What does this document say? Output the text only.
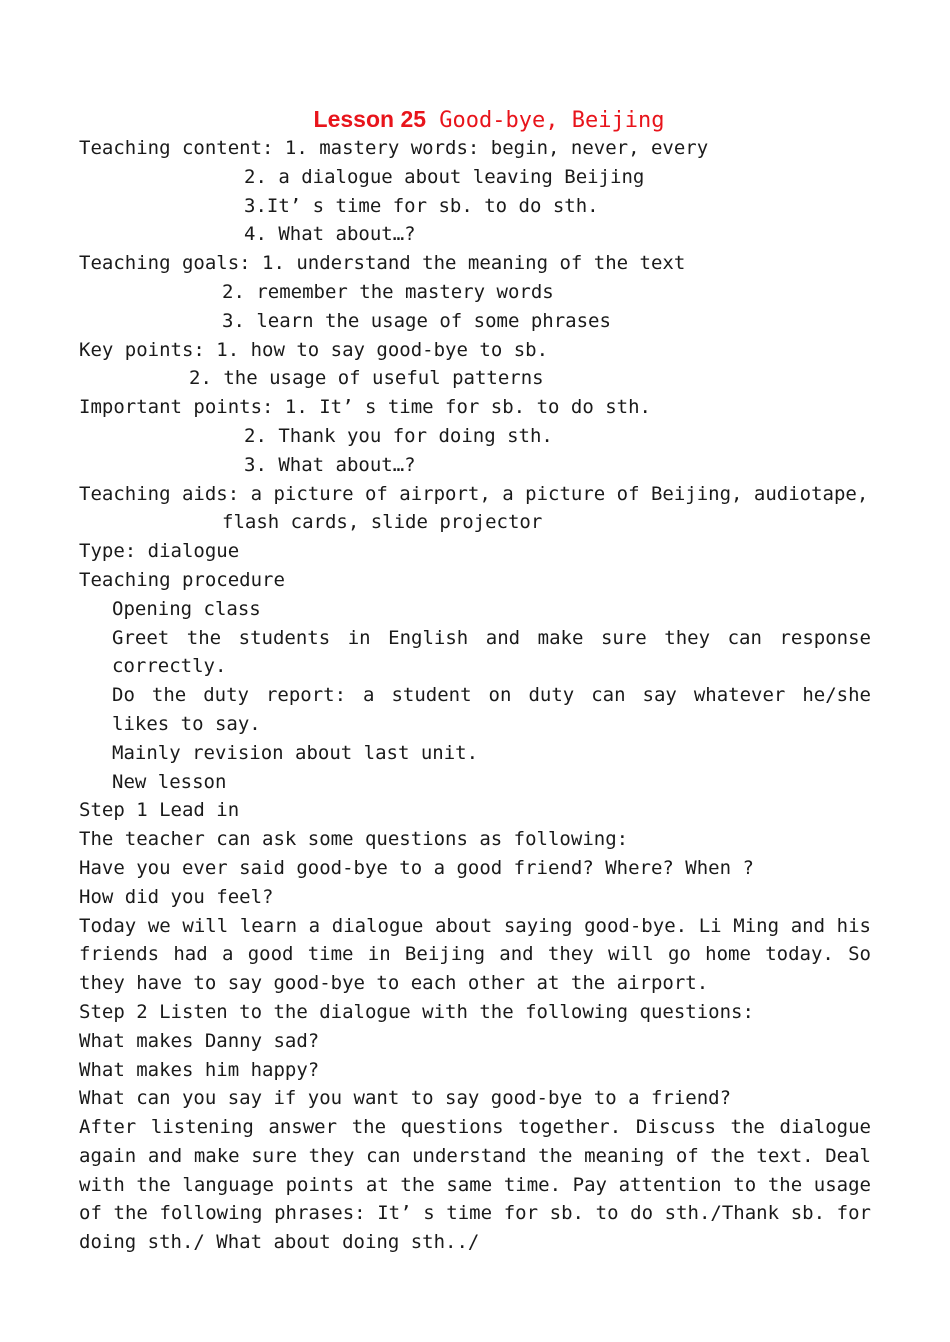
Lesson 25 Good-bye, Beijing
Teaching content: 1. mastery words: begin, never, every
2. a dialogue about leaving Beijing
3.It’ s time for sb. to do sth.
4. What about…?
Teaching goals: 1. understand the meaning of the text
2. remember the mastery words
3. learn the usage of some phrases
Key points: 1. how to say good-bye to sb.
2. the usage of useful patterns
Important points: 1. It’ s time for sb. to do sth.
2. Thank you for doing sth.
3. What about…?
Teaching aids: a picture of airport, a picture of Beijing, audiotape,
flash cards, slide projector
Type: dialogue
Teaching procedure
Opening class
Greet the students in English and make sure they can response correctly.
Do the duty report: a student on duty can say whatever he/she likes to say.
Mainly revision about last unit.
New lesson
Step 1 Lead in
The teacher can ask some questions as following:
Have you ever said good-bye to a good friend? Where? When ?
How did you feel?
Today we will learn a dialogue about saying good-bye. Li Ming and his friends had a good time in Beijing and they will go home today. So they have to say good-bye to each other at the airport.
Step 2 Listen to the dialogue with the following questions:
What makes Danny sad?
What makes him happy?
What can you say if you want to say good-bye to a friend?
After listening answer the questions together. Discuss the dialogue again and make sure they can understand the meaning of the text. Deal with the language points at the same time. Pay attention to the usage of the following phrases: It’ s time for sb. to do sth./Thank sb. for doing sth./ What about doing sth../
